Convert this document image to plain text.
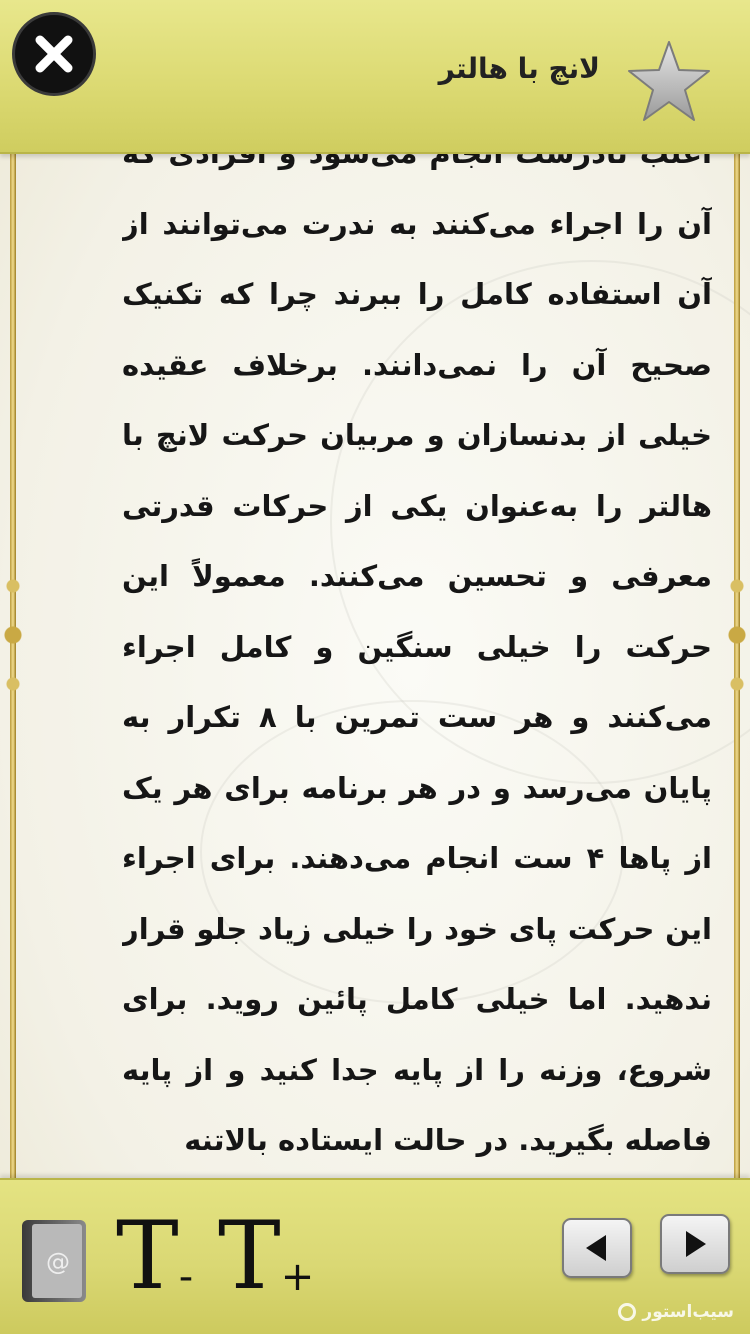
آن را اجراء می‌کنند به ندرت می‌توانند از آن استفاده کامل را ببرند چرا که تکنیک صحیح آن را نمی‌دانند. برخلاف عقیده خیلی از بدنسازان و مربیان حرکت لانچ با هالتر را به‌عنوان یکی از حرکات قدرتی معرفی و تحسین می‌کنند. معمولاً این حرکت را خیلی سنگین و کامل اجراء می‌کنند و هر ست تمرین با ۸ تکرار به پایان می‌رسد و در هر برنامه برای هر یک از پاها ۴ ست انجام می‌دهند. برای اجراء این حرکت پای خود را خیلی زیاد جلو قرار ندهید. اما خیلی کامل پائین روید. برای شروع، وزنه را از پایه جدا کنید و از پایه فاصله بگیرید. در حالت ایستاده بالاتنه

لانچ با هالتر
@ T- T+
سیب‌استور
